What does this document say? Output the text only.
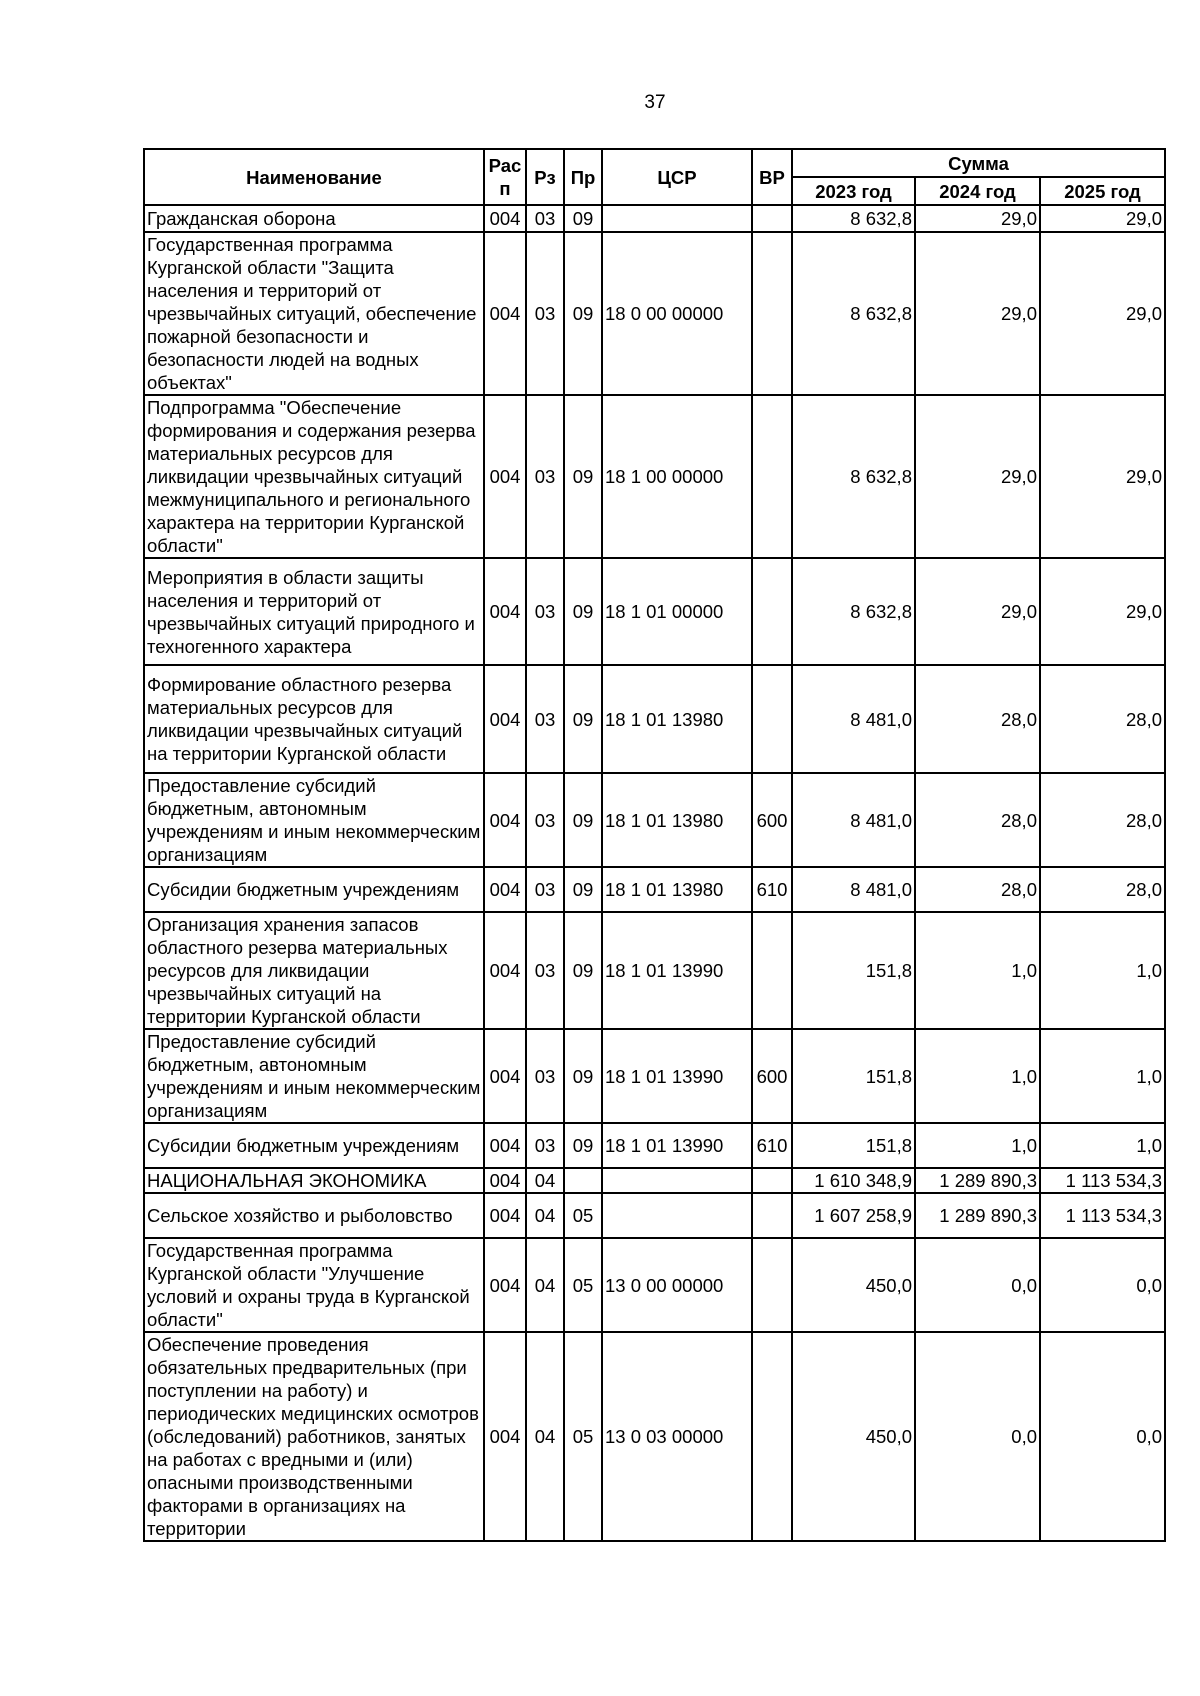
37
Наименование	Рас п	Рз	Пр	ЦСР	ВР	Сумма		
						2023 год	2024 год	2025 год
Гражданская оборона	004	03	09			8 632,8	29,0	29,0
Государственная программа Курганской области "Защита населения и территорий от чрезвычайных ситуаций, обеспечение пожарной безопасности и безопасности людей на водных объектах"	004	03	09	18 0 00 00000		8 632,8	29,0	29,0
Подпрограмма "Обеспечение формирования и содержания резерва материальных ресурсов для ликвидации чрезвычайных ситуаций межмуниципального и регионального характера на территории Курганской области"	004	03	09	18 1 00 00000		8 632,8	29,0	29,0
Мероприятия в области защиты населения и территорий от чрезвычайных ситуаций природного и техногенного характера	004	03	09	18 1 01 00000		8 632,8	29,0	29,0
Формирование областного резерва материальных ресурсов для ликвидации чрезвычайных ситуаций на территории Курганской области	004	03	09	18 1 01 13980		8 481,0	28,0	28,0
Предоставление субсидий бюджетным, автономным учреждениям и иным некоммерческим организациям	004	03	09	18 1 01 13980	600	8 481,0	28,0	28,0
Субсидии бюджетным учреждениям	004	03	09	18 1 01 13980	610	8 481,0	28,0	28,0
Организация хранения запасов областного резерва материальных ресурсов для ликвидации чрезвычайных ситуаций на территории Курганской области	004	03	09	18 1 01 13990		151,8	1,0	1,0
Предоставление субсидий бюджетным, автономным учреждениям и иным некоммерческим организациям	004	03	09	18 1 01 13990	600	151,8	1,0	1,0
Субсидии бюджетным учреждениям	004	03	09	18 1 01 13990	610	151,8	1,0	1,0
НАЦИОНАЛЬНАЯ ЭКОНОМИКА	004	04				1 610 348,9	1 289 890,3	1 113 534,3
Сельское хозяйство и рыболовство	004	04	05			1 607 258,9	1 289 890,3	1 113 534,3
Государственная программа Курганской области "Улучшение условий и охраны труда в Курганской области"	004	04	05	13 0 00 00000		450,0	0,0	0,0
Обеспечение проведения обязательных предварительных (при поступлении на работу) и периодических медицинских осмотров (обследований) работников, занятых на работах с вредными и (или) опасными производственными факторами в организациях на территории	004	04	05	13 0 03 00000		450,0	0,0	0,0
